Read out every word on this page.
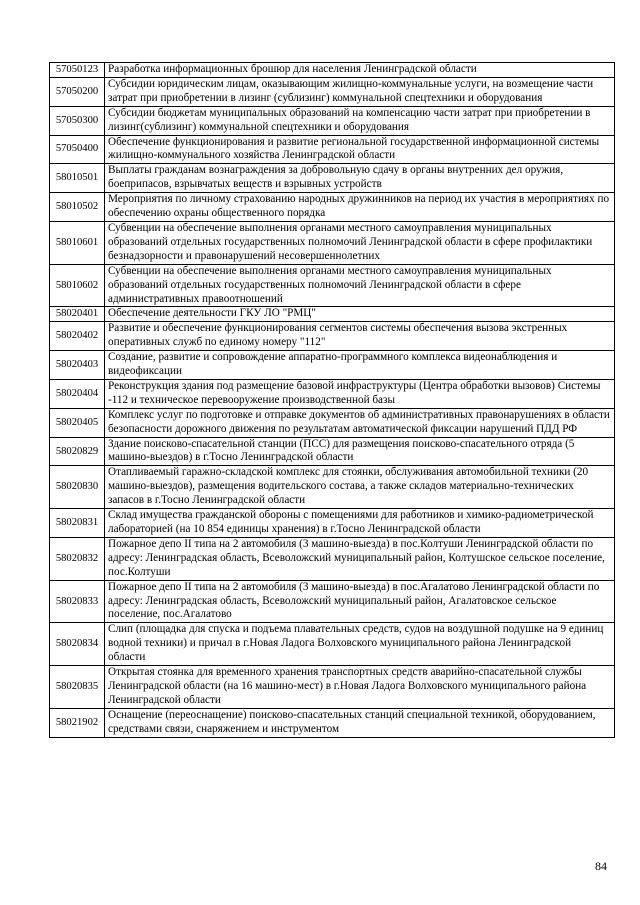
57050123	Разработка информационных брошюр для населения Ленинградской области
57050200	Субсидии юридическим лицам, оказывающим жилищно-коммунальные услуги, на возмещение части затрат при приобретении в лизинг (сублизинг) коммунальной спецтехники и оборудования
57050300	Субсидии бюджетам муниципальных образований на компенсацию части затрат при приобретении в лизинг(сублизинг) коммунальной спецтехники и оборудования
57050400	Обеспечение функционирования и развитие региональной государственной информационной системы жилищно-коммунального хозяйства Ленинградской области
58010501	Выплаты гражданам вознаграждения за добровольную сдачу в органы внутренних дел оружия, боеприпасов, взрывчатых веществ и взрывных устройств
58010502	Мероприятия по личному страхованию народных дружинников на период их участия в мероприятиях по обеспечению охраны общественного порядка
58010601	Субвенции на обеспечение выполнения органами местного самоуправления муниципальных образований отдельных государственных полномочий Ленинградской области в сфере профилактики безнадзорности и правонарушений несовершеннолетних
58010602	Субвенции на обеспечение выполнения органами местного самоуправления муниципальных образований отдельных государственных полномочий Ленинградской области в сфере административных правоотношений
58020401	Обеспечение деятельности ГКУ ЛО "РМЦ"
58020402	Развитие и обеспечение функционирования сегментов системы обеспечения вызова экстренных оперативных служб по единому номеру "112"
58020403	Создание, развитие и сопровождение аппаратно-программного комплекса видеонаблюдения и видеофиксации
58020404	Реконструкция здания под размещение базовой инфраструктуры (Центра обработки вызовов) Системы -112 и техническое перевооружение производственной базы
58020405	Комплекс услуг по подготовке и отправке документов об административных правонарушениях в области безопасности дорожного движения по результатам автоматической фиксации нарушений ПДД РФ
58020829	Здание поисково-спасательной станции (ПСС) для размещения поисково-спасательного отряда (5 машино-выездов) в г.Тосно Ленинградской области
58020830	Отапливаемый гаражно-складской комплекс для стоянки, обслуживания автомобильной техники (20 машино-выездов), размещения водительского состава, а также складов материально-технических запасов в г.Тосно Ленинградской области
58020831	Склад имущества гражданской обороны с помещениями для работников и химико-радиометрической лабораторией (на 10 854 единицы хранения) в г.Тосно Ленинградской области
58020832	Пожарное депо II типа на 2 автомобиля (3 машино-выезда) в пос.Колтуши Ленинградской области по адресу: Ленинградская область, Всеволожский муниципальный район, Колтушское сельское поселение, пос.Колтуши
58020833	Пожарное депо II типа на 2 автомобиля (3 машино-выезда) в пос.Агалатово Ленинградской области по адресу: Ленинградская область, Всеволожский муниципальный район, Агалатовское сельское поселение, пос.Агалатово
58020834	Слип (площадка для спуска и подъема плавательных средств, судов на воздушной подушке на 9 единиц водной техники) и причал в г.Новая Ладога Волховского муниципального района Ленинградской области
58020835	Открытая стоянка для временного хранения транспортных средств аварийно-спасательной службы Ленинградской области (на 16 машино-мест) в г.Новая Ладога Волховского муниципального района Ленинградской области
58021902	Оснащение (переоснащение) поисково-спасательных станций специальной техникой, оборудованием, средствами связи, снаряжением и инструментом
84
